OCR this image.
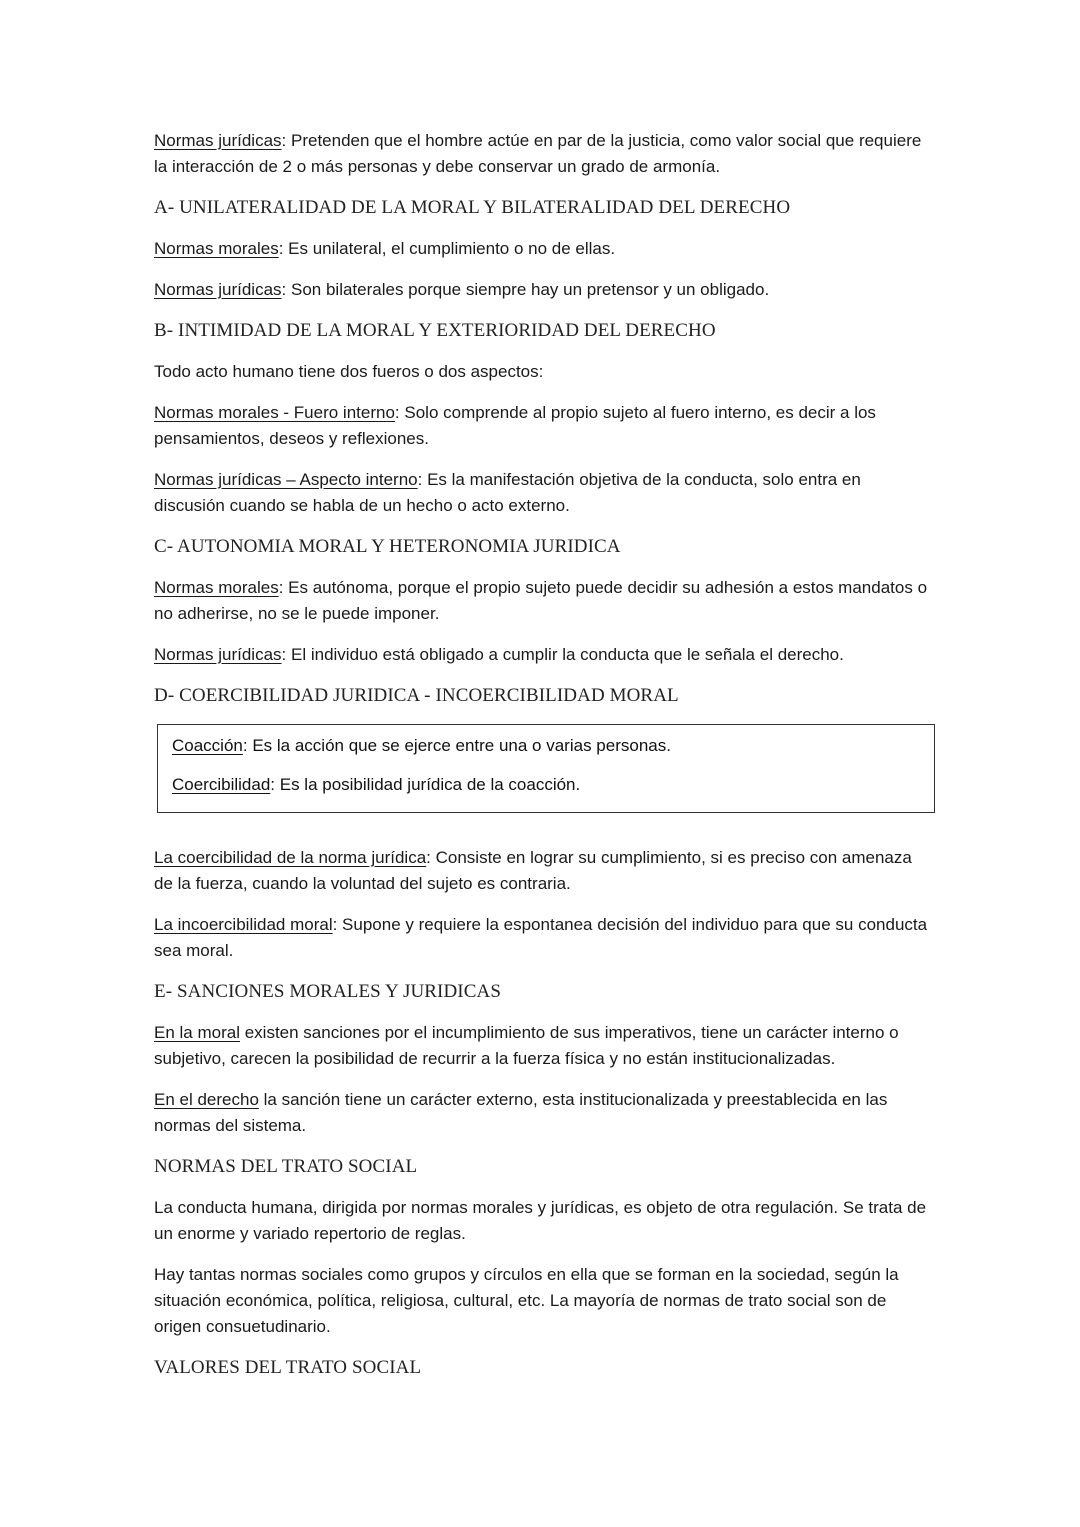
Normas jurídicas: Pretenden que el hombre actúe en par de la justicia, como valor social que requiere la interacción de 2 o más personas y debe conservar un grado de armonía.

A- UNILATERALIDAD DE LA MORAL Y BILATERALIDAD DEL DERECHO

Normas morales: Es unilateral, el cumplimiento o no de ellas.

Normas jurídicas: Son bilaterales porque siempre hay un pretensor y un obligado.

B- INTIMIDAD DE LA MORAL Y EXTERIORIDAD DEL DERECHO

Todo acto humano tiene dos fueros o dos aspectos:

Normas morales - Fuero interno: Solo comprende al propio sujeto al fuero interno, es decir a los pensamientos, deseos y reflexiones.

Normas jurídicas – Aspecto interno: Es la manifestación objetiva de la conducta, solo entra en discusión cuando se habla de un hecho o acto externo.

C- AUTONOMIA MORAL Y HETERONOMIA JURIDICA

Normas morales: Es autónoma, porque el propio sujeto puede decidir su adhesión a estos mandatos o no adherirse, no se le puede imponer.

Normas jurídicas: El individuo está obligado a cumplir la conducta que le señala el derecho.

D- COERCIBILIDAD JURIDICA - INCOERCIBILIDAD MORAL

Coacción: Es la acción que se ejerce entre una o varias personas.

Coercibilidad: Es la posibilidad jurídica de la coacción.

La coercibilidad de la norma jurídica: Consiste en lograr su cumplimiento, si es preciso con amenaza de la fuerza, cuando la voluntad del sujeto es contraria.

La incoercibilidad moral: Supone y requiere la espontanea decisión del individuo para que su conducta sea moral.

E- SANCIONES MORALES Y JURIDICAS

En la moral existen sanciones por el incumplimiento de sus imperativos, tiene un carácter interno o subjetivo, carecen la posibilidad de recurrir a la fuerza física y no están institucionalizadas.

En el derecho la sanción tiene un carácter externo, esta institucionalizada y preestablecida en las normas del sistema.

NORMAS DEL TRATO SOCIAL

La conducta humana, dirigida por normas morales y jurídicas, es objeto de otra regulación. Se trata de un enorme y variado repertorio de reglas.

Hay tantas normas sociales como grupos y círculos en ella que se forman en la sociedad, según la situación económica, política, religiosa, cultural, etc. La mayoría de normas de trato social son de origen consuetudinario.

VALORES DEL TRATO SOCIAL
